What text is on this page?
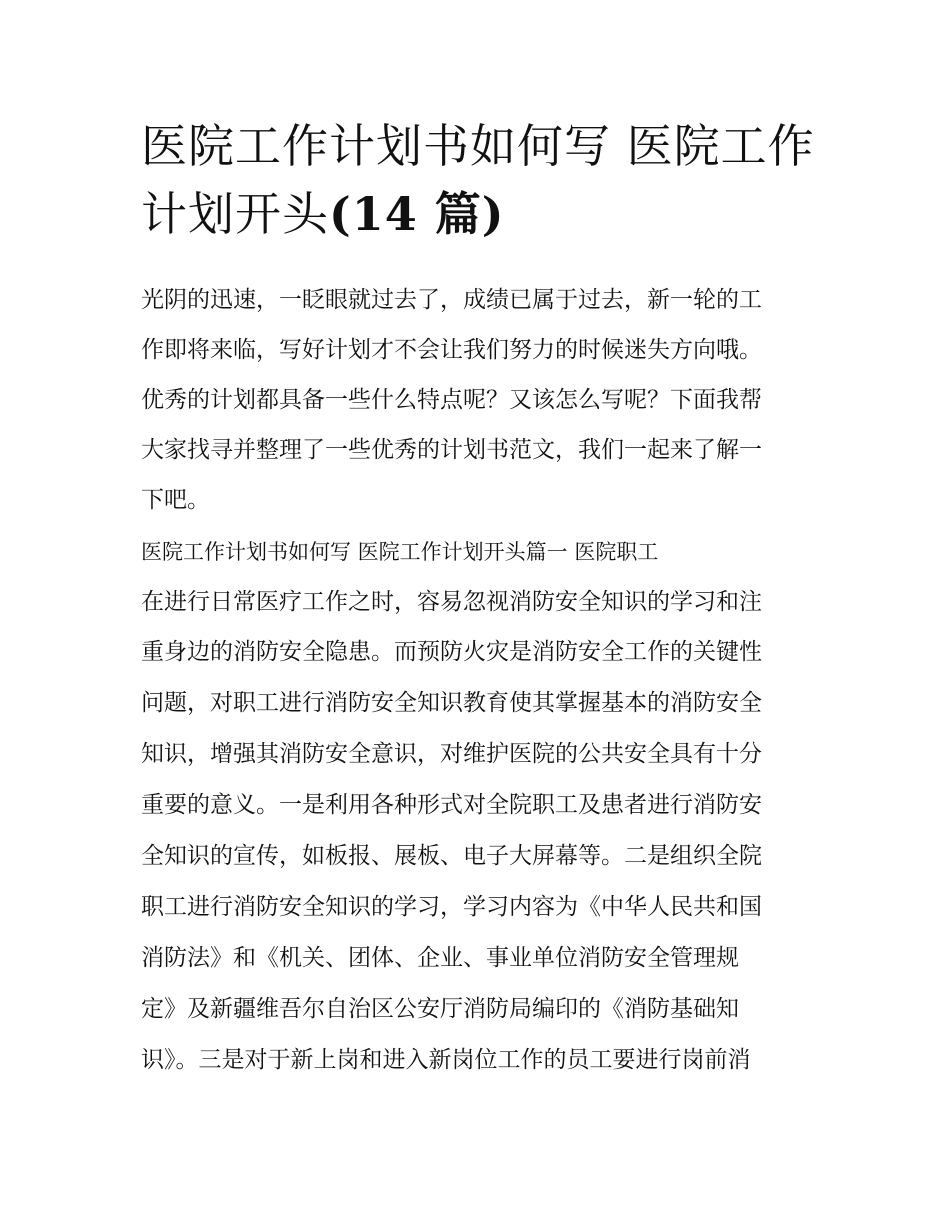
医院工作计划书如何写 医院工作计划开头(14 篇)
光阴的迅速，一眨眼就过去了，成绩已属于过去，新一轮的工
作即将来临，写好计划才不会让我们努力的时候迷失方向哦。
优秀的计划都具备一些什么特点呢？又该怎么写呢？下面我帮
大家找寻并整理了一些优秀的计划书范文，我们一起来了解一
下吧。
医院工作计划书如何写 医院工作计划开头篇一 医院职工
在进行日常医疗工作之时，容易忽视消防安全知识的学习和注
重身边的消防安全隐患。而预防火灾是消防安全工作的关键性
问题，对职工进行消防安全知识教育使其掌握基本的消防安全
知识，增强其消防安全意识，对维护医院的公共安全具有十分
重要的意义。一是利用各种形式对全院职工及患者进行消防安
全知识的宣传，如板报、展板、电子大屏幕等。二是组织全院
职工进行消防安全知识的学习，学习内容为《中华人民共和国
消防法》和《机关、团体、企业、事业单位消防安全管理规
定》及新疆维吾尔自治区公安厅消防局编印的《消防基础知
识》。三是对于新上岗和进入新岗位工作的员工要进行岗前消
